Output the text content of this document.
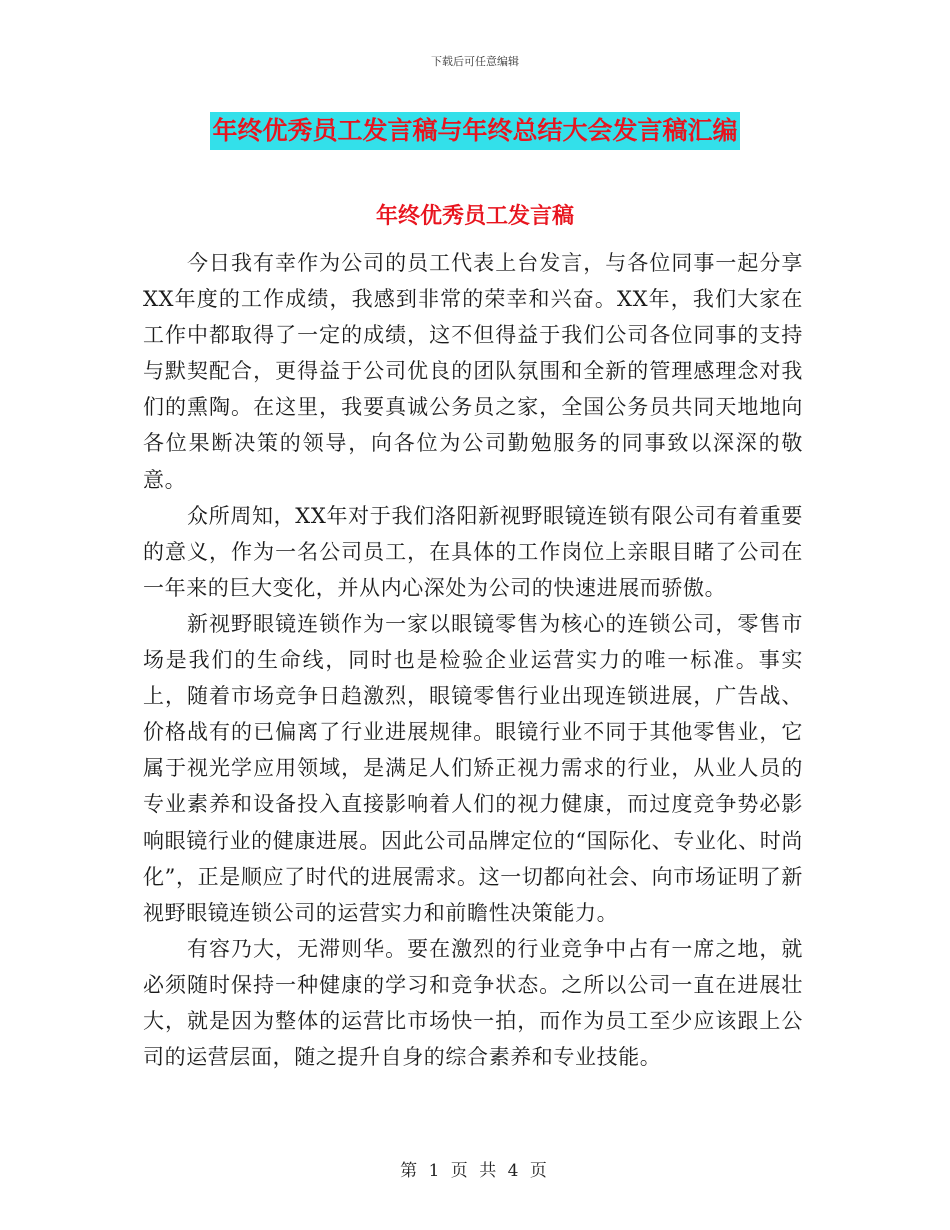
下载后可任意编辑
年终优秀员工发言稿与年终总结大会发言稿汇编
年终优秀员工发言稿

今日我有幸作为公司的员工代表上台发言，与各位同事一起分享XX年度的工作成绩，我感到非常的荣幸和兴奋。XX年，我们大家在工作中都取得了一定的成绩，这不但得益于我们公司各位同事的支持与默契配合，更得益于公司优良的团队氛围和全新的管理感理念对我们的熏陶。在这里，我要真诚公务员之家，全国公务员共同天地地向各位果断决策的领导，向各位为公司勤勉服务的同事致以深深的敬意。

众所周知，XX年对于我们洛阳新视野眼镜连锁有限公司有着重要的意义，作为一名公司员工，在具体的工作岗位上亲眼目睹了公司在一年来的巨大变化，并从内心深处为公司的快速进展而骄傲。

新视野眼镜连锁作为一家以眼镜零售为核心的连锁公司，零售市场是我们的生命线，同时也是检验企业运营实力的唯一标准。事实上，随着市场竞争日趋激烈，眼镜零售行业出现连锁进展，广告战、价格战有的已偏离了行业进展规律。眼镜行业不同于其他零售业，它属于视光学应用领域，是满足人们矫正视力需求的行业，从业人员的专业素养和设备投入直接影响着人们的视力健康，而过度竞争势必影响眼镜行业的健康进展。因此公司品牌定位的“国际化、专业化、时尚化”，正是顺应了时代的进展需求。这一切都向社会、向市场证明了新视野眼镜连锁公司的运营实力和前瞻性决策能力。

有容乃大，无滞则华。要在激烈的行业竞争中占有一席之地，就必须随时保持一种健康的学习和竞争状态。之所以公司一直在进展壮大，就是因为整体的运营比市场快一拍，而作为员工至少应该跟上公司的运营层面，随之提升自身的综合素养和专业技能。

第 1 页 共 4 页
